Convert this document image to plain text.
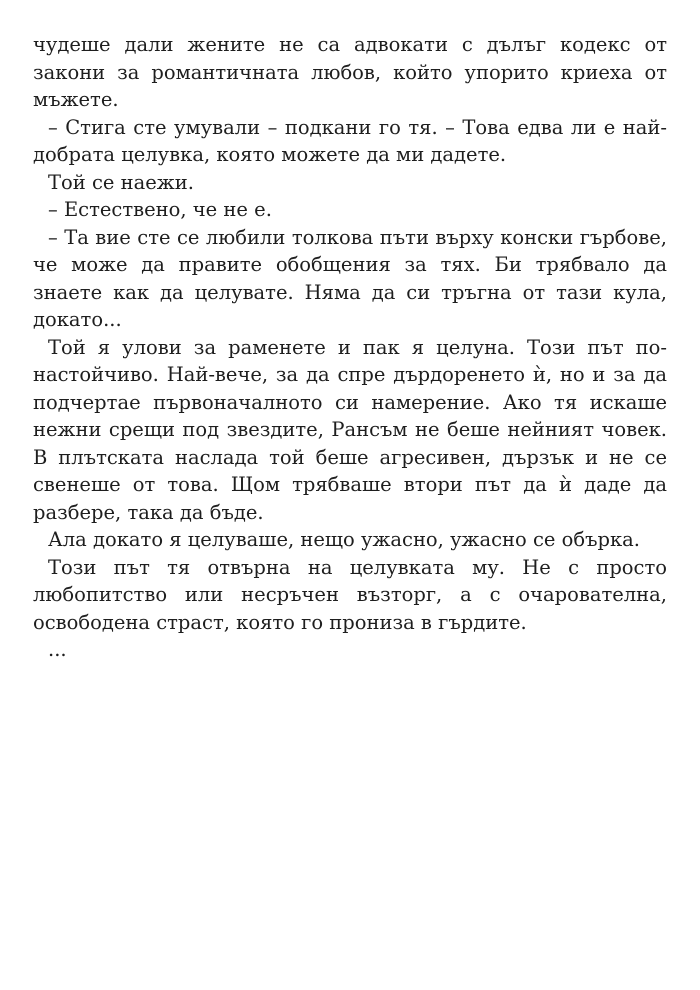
чудеше дали жените не са адвокати с дълъг кодекс от закони за романтичната любов, който упорито криеха от мъжете.

– Стига сте умували – подкани го тя. – Това едва ли е най-добрата целувка, която можете да ми дадете.

Той се наежи.

– Естествено, че не е.

– Та вие сте се любили толкова пъти върху конски гърбове, че може да правите обобщения за тях. Би трябвало да знаете как да целувате. Няма да си тръгна от тази кула, докато...

Той я улови за раменете и пак я целуна. Този път по-настойчиво. Най-вече, за да спре дърдоренето ѝ, но и за да подчертае първоначалното си намерение. Ако тя искаше нежни срещи под звездите, Рансъм не беше нейният човек. В плътската наслада той беше агресивен, дързък и не се свенеше от това. Щом трябваше втори път да ѝ даде да разбере, така да бъде.

Ала докато я целуваше, нещо ужасно, ужасно се обърка.

Този път тя отвърна на целувката му. Не с просто любопитство или несръчен възторг, а с очарователна, освободена страст, която го прониза в гърдите.

...
